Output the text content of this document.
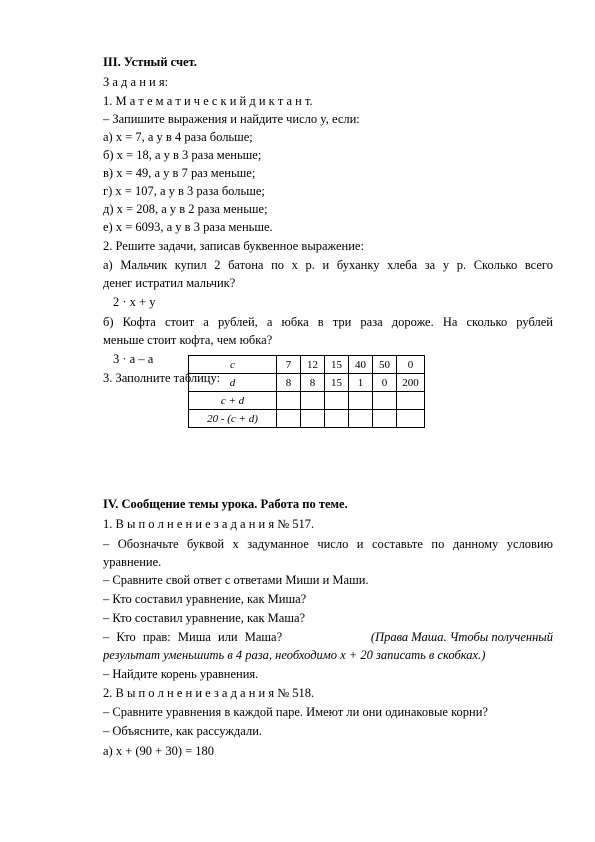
III. Устный счет.
З а д а н и я:
1. М а т е м а т и ч е с к и й д и к т а н т.
– Запишите выражения и найдите число y, если:
а) x = 7, а y в 4 раза больше;
б) x = 18, а y в 3 раза меньше;
в) x = 49, а y в 7 раз меньше;
г) x = 107, а y в 3 раза больше;
д) x = 208, а y в 2 раза меньше;
е) x = 6093, а y в 3 раза меньше.
2. Решите задачи, записав буквенное выражение:
а) Мальчик купил 2 батона по x р. и буханку хлеба за y р. Сколько всего
денег истратил мальчик?
2 · x + y
б) Кофта стоит a рублей, а юбка в три раза дороже. На сколько рублей
меньше стоит кофта, чем юбка?
3 · a – a
3. Заполните таблицу:
c	7	12	15	40	50	0
d	8	8	15	1	0	200
c + d						
20 - (c + d)						
IV. Сообщение темы урока. Работа по теме.
1. В ы п о л н е н и е з а д а н и я № 517.
– Обозначьте буквой x задуманное число и составьте по данному условию
уравнение.
– Сравните свой ответ с ответами Миши и Маши.
– Кто составил уравнение, как Миша?
– Кто составил уравнение, как Маша?
– Кто прав: Миша или Маша?	(Права Маша. Чтобы полученный
результат уменьшить в 4 раза, необходимо x + 20 записать в скобках.)
– Найдите корень уравнения.
2. В ы п о л н е н и е з а д а н и я № 518.
– Сравните уравнения в каждой паре. Имеют ли они одинаковые корни?
– Объясните, как рассуждали.
а) x + (90 + 30) = 180
